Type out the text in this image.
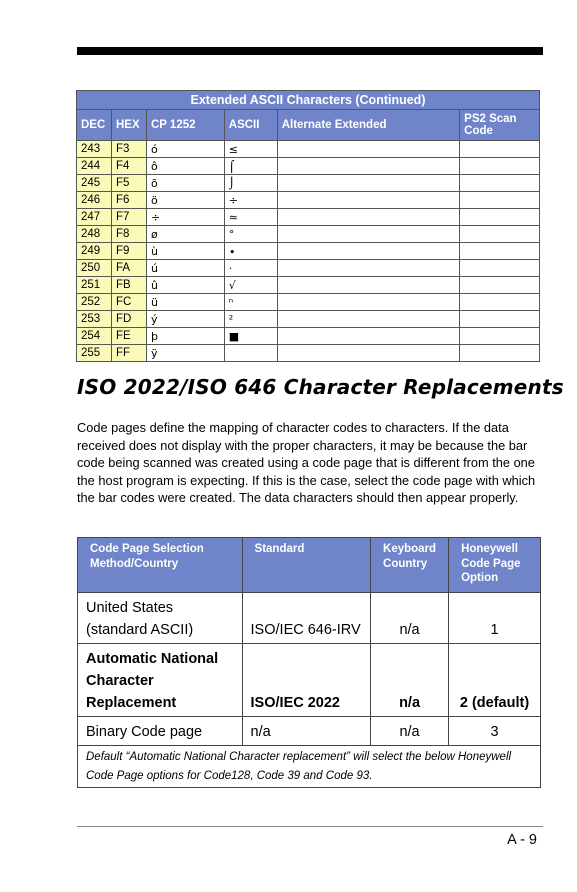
Extended ASCII Characters (Continued)					
DEC	HEX	CP 1252	ASCII	Alternate Extended	PS2 Scan Code
243	F3	ó	≤		
244	F4	ô	⌠		
245	F5	õ	⌡		
246	F6	ö	÷		
247	F7	÷	≈		
248	F8	ø	°		
249	F9	ù	∙		
250	FA	ú	·		
251	FB	û	√		
252	FC	ü	ⁿ		
253	FD	ý	²		
254	FE	þ	■		
255	FF	ÿ			
ISO 2022/ISO 646 Character Replacements

Code pages define the mapping of character codes to characters. If the data received does not display with the proper characters, it may be because the bar code being scanned was created using a code page that is different from the one the host program is expecting. If this is the case, select the code page with which the bar codes were created. The data characters should then appear properly.

Code Page Selection Method/Country	Standard	Keyboard Country	Honeywell Code Page Option
United States (standard ASCII)	ISO/IEC 646-IRV	n/a	1
Automatic National Character Replacement	ISO/IEC 2022	n/a	2 (default)
Binary Code page	n/a	n/a	3
Default “Automatic National Character replacement” will select the below Honeywell Code Page options for Code128, Code 39 and Code 93.			
A - 9
